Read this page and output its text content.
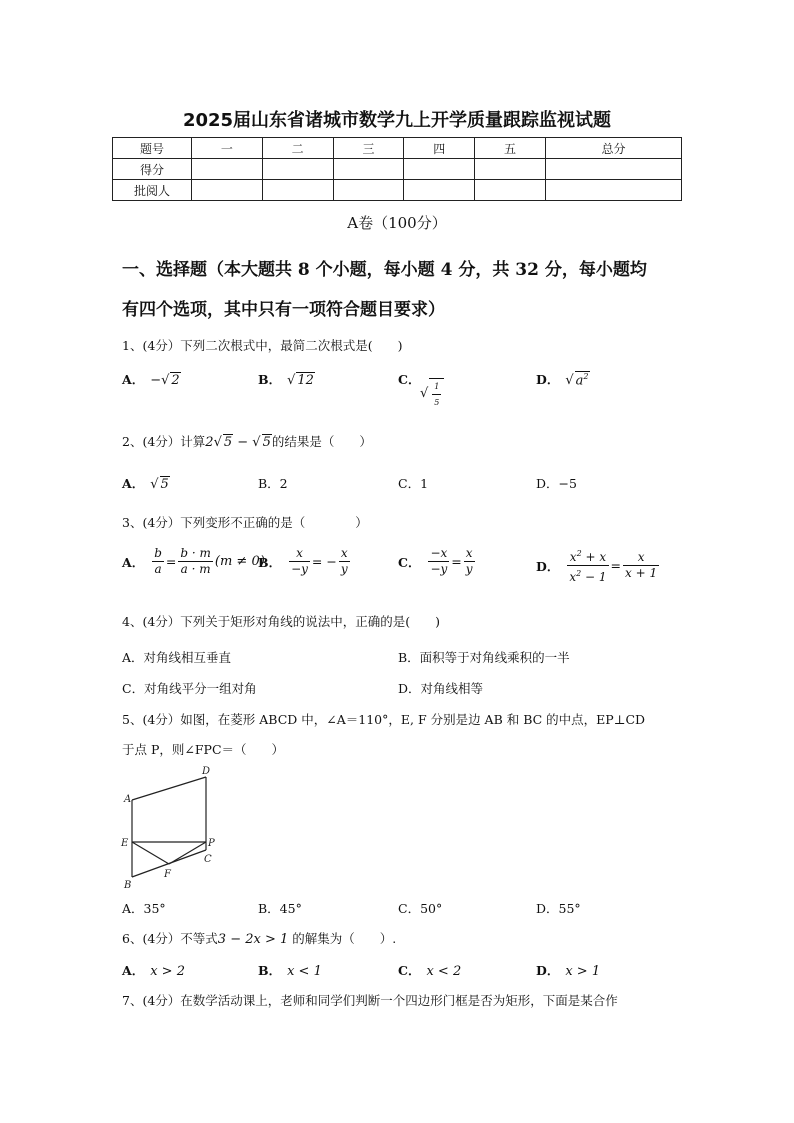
2025届山东省诸城市数学九上开学质量跟踪监视试题
题号	一	二	三	四	五	总分
得分						
批阅人						
A卷（100分）
一、选择题（本大题共 8 个小题，每小题 4 分，共 32 分，每小题均
有四个选项，其中只有一项符合题目要求）
1、(4分）下列二次根式中，最简二次根式是(　　)
A． −√ 2	B． √ 12	C．
√ $\frac{1}{5}$	D． √ $a^2$
2、(4分）计算2√ 5 − √ 5的结果是（　　）
A． √ 5	B．2	C．1	D．−5
3、(4分）下列变形不正确的是（　　　　）
A． $\frac{b}{a} = \frac{b \cdot m}{a \cdot m} (m \ne 0)$
B． $\frac{x}{-y}$ = − $\frac{x}{y}$	C． $\frac{-x}{-y} = \frac{x}{y}$	D． $\frac{x^2 + x}{x^2 - 1} = \frac{x}{x + 1}$
4、(4分）下列关于矩形对角线的说法中，正确的是(　　)
A．对角线相互垂直	B．面积等于对角线乘积的一半
C．对角线平分一组对角	D．对角线相等
5、(4分）如图，在菱形 ABCD 中，∠A＝110°，E, F 分别是边 AB 和 BC 的中点，EP⊥CD
于点 P，则∠FPC＝（　　）
A
B
C
D
E
F
P
A．35°	B．45°	C．50°	D．55°
6、(4分）不等式3 − 2x > 1 的解集为（　　）.
A． x > 2	B． x < 1	C． x < 2	D． x > 1
7、(4分）在数学活动课上，老师和同学们判断一个四边形门框是否为矩形，下面是某合作
